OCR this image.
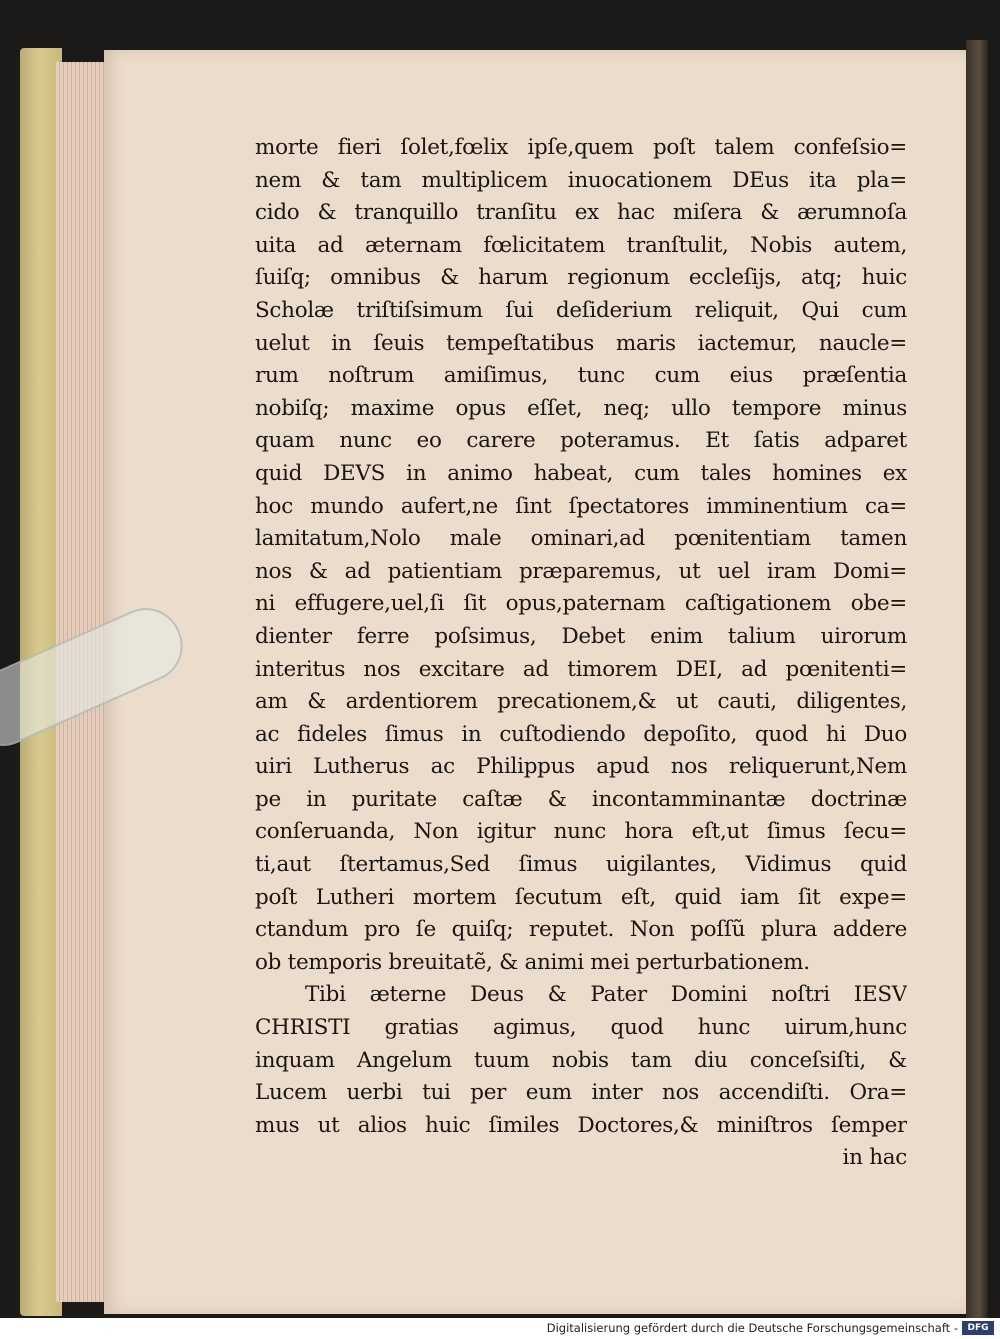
morte fieri ſolet,fœlix ipſe,quem poſt talem confeſsio=
nem & tam multiplicem inuocationem DEus ita pla=
cido & tranquillo tranſitu ex hac miſera & ærumnoſa
uita ad æternam fœlicitatem tranſtulit, Nobis autem,
ſuiſq; omnibus & harum regionum eccleſijs, atq; huic
Scholæ triſtiſsimum ſui deſiderium reliquit, Qui cum
uelut in ſeuis tempeſtatibus maris iactemur, naucle=
rum noſtrum amiſimus, tunc cum eius præſentia
nobiſq; maxime opus eſſet, neq; ullo tempore minus
quam nunc eo carere poteramus. Et ſatis adparet
quid DEVS in animo habeat, cum tales homines ex
hoc mundo aufert,ne ſint ſpectatores imminentium ca=
lamitatum,Nolo male ominari,ad pœnitentiam tamen
nos & ad patientiam præparemus, ut uel iram Domi=
ni effugere,uel,ſi ſit opus,paternam caſtigationem obe=
dienter ferre poſsimus, Debet enim talium uirorum
interitus nos excitare ad timorem DEI, ad pœnitenti=
am & ardentiorem precationem,& ut cauti, diligentes,
ac fideles ſimus in cuſtodiendo depoſito, quod hi Duo
uiri Lutherus ac Philippus apud nos reliquerunt,Nem
pe in puritate caſtæ & incontamminantæ doctrinæ
conſeruanda, Non igitur nunc hora eſt,ut ſimus ſecu=
ti,aut ſtertamus,Sed ſimus uigilantes, Vidimus quid
poſt Lutheri mortem ſecutum eſt, quid iam ſit expe=
ctandum pro ſe quiſq; reputet. Non poſſũ plura addere
ob temporis breuitatẽ, & animi mei perturbationem.
Tibi æterne Deus & Pater Domini noſtri IESV
CHRISTI gratias agimus, quod hunc uirum,hunc
inquam Angelum tuum nobis tam diu conceſsiſti, &
Lucem uerbi tui per eum inter nos accendiſti. Ora=
mus ut alios huic ſimiles Doctores,& miniſtros ſemper
in hac
Digitalisierung gefördert durch die Deutsche Forschungsgemeinschaft -	DFG
